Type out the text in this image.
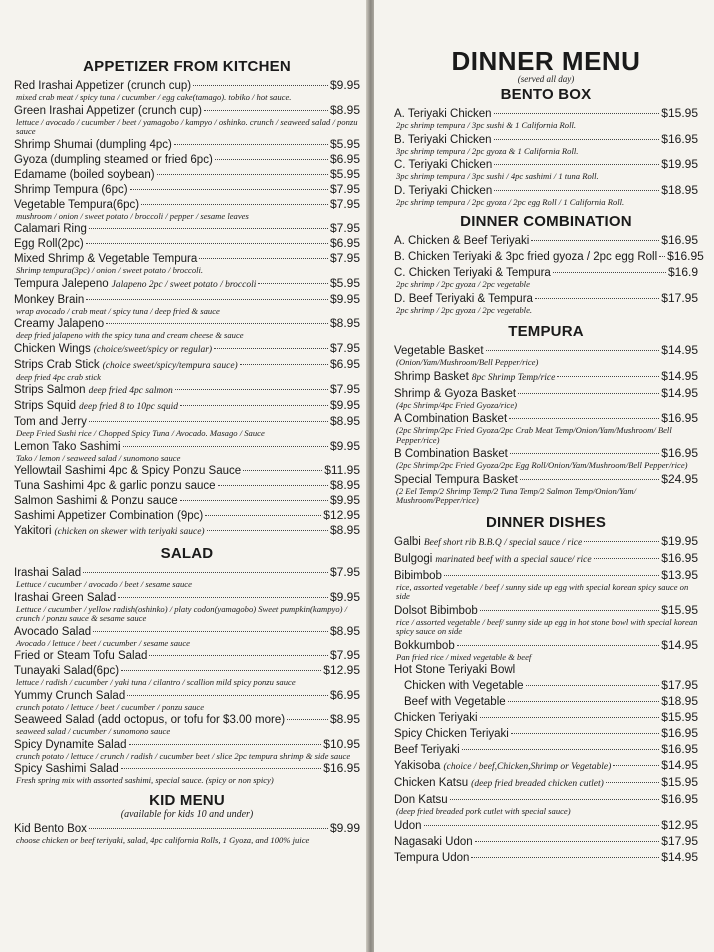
APPETIZER FROM KITCHEN
Red Irashai Appetizer (crunch cup)	$9.95
mixed crab meat / spicy tuna / cucumber / egg cake(tamago). tobiko / hot sauce.
Green Irashai Appetizer (crunch cup)	$8.95
lettuce / avocado / cucumber / beet / yamagobo / kampyo / oshinko. crunch / seaweed salad / ponzu sauce
Shrimp Shumai (dumpling 4pc)	$5.95
Gyoza (dumpling steamed or fried 6pc)	$6.95
Edamame (boiled soybean)	$5.95
Shrimp Tempura (6pc)	$7.95
Vegetable Tempura(6pc)	$7.95
mushroom / onion / sweet potato / broccoli / pepper / sesame leaves
Calamari Ring	$7.95
Egg Roll(2pc)	$6.95
Mixed Shrimp & Vegetable Tempura	$7.95
Shrimp tempura(3pc) / onion / sweet potato / broccoli.
Tempura Jalepeno Jalapeno 2pc / sweet potato / broccoli	$5.95
Monkey Brain	$9.95
wrap avocado / crab meat / spicy tuna / deep fried & sauce
Creamy Jalapeno	$8.95
deep fried jalapeno with the spicy tuna and cream cheese & sauce
Chicken Wings (choice/sweet/spicy or regular)	$7.95
Strips Crab Stick (choice sweet/spicy/tempura sauce)	$6.95
deep fried 4pc crab stick
Strips Salmon deep fried 4pc salmon	$7.95
Strips Squid deep fried 8 to 10pc squid	$9.95
Tom and Jerry	$8.95
Deep Fried Sushi rice / Chopped Spicy Tuna / Avocado. Masago / Sauce
Lemon Tako Sashimi	$9.95
Tako / lemon / seaweed salad / sunomono sauce
Yellowtail Sashimi 4pc & Spicy Ponzu Sauce	$11.95
Tuna Sashimi 4pc & garlic ponzu sauce	$8.95
Salmon Sashimi & Ponzu sauce	$9.95
Sashimi Appetizer Combination (9pc)	$12.95
Yakitori (chicken on skewer with teriyaki sauce)	$8.95
SALAD
Irashai Salad	$7.95
Lettuce / cucumber / avocado / beet / sesame sauce
Irashai Green Salad	$9.95
Lettuce / cucumber / yellow radish(oshinko) / platy codon(yamagobo) Sweet pumpkin(kampyo) / crunch / ponzu sauce & sesame sauce
Avocado Salad	$8.95
Avocado / lettuce / beet / cucumber / sesame sauce
Fried or Steam Tofu Salad	$7.95
Tunayaki Salad(6pc)	$12.95
lettuce / radish / cucumber / yaki tuna / cilantro / scallion mild spicy ponzu sauce
Yummy Crunch Salad	$6.95
crunch potato / lettuce / beet / cucumber / ponzu sauce
Seaweed Salad (add octopus, or tofu for $3.00 more)	$8.95
seaweed salad / cucumber / sunomono sauce
Spicy Dynamite Salad	$10.95
crunch potato / lettuce / crunch / radish / cucumber beet / slice 2pc tempura shrimp & side sauce
Spicy Sashimi Salad	$16.95
Fresh spring mix with assorted sashimi, special sauce. (spicy or non spicy)
KID MENU
(available for kids 10 and under)
Kid Bento Box	$9.99
choose chicken or beef teriyaki, salad, 4pc california Rolls, 1 Gyoza, and 100% juice
DINNER MENU
(served all day)
BENTO BOX
A. Teriyaki Chicken	$15.95
2pc shrimp tempura / 3pc sushi & 1 California Roll.
B. Teriyaki Chicken	$16.95
3pc shrimp tempura / 2pc gyoza & 1 California Roll.
C. Teriyaki Chicken	$19.95
3pc shrimp tempura / 3pc sushi / 4pc sashimi / 1 tuna Roll.
D. Teriyaki Chicken	$18.95
2pc shrimp tempura / 2pc gyoza / 2pc egg Roll / 1 California Roll.
DINNER COMBINATION
A. Chicken & Beef Teriyaki	$16.95
B. Chicken Teriyaki & 3pc fried gyoza / 2pc egg Roll $16.95
C. Chicken Teriyaki & Tempura	$16.9
2pc shrimp / 2pc gyoza / 2pc vegetable
D. Beef Teriyaki & Tempura	$17.95
2pc shrimp / 2pc gyoza / 2pc vegetable.
TEMPURA
Vegetable Basket	$14.95
(Onion/Yam/Mushroom/Bell Pepper/rice)
Shrimp Basket 8pc Shrimp Temp/rice	$14.95
Shrimp & Gyoza Basket	$14.95
(4pc Shrimp/4pc Fried Gyoza/rice)
A Combination Basket	$16.95
(2pc Shrimp/2pc Fried Gyoza/2pc Crab Meat Temp/Onion/Yam/Mushroom/ Bell Pepper/rice)
B Combination Basket	$16.95
(2pc Shrimp/2pc Fried Gyoza/2pc Egg Roll/Onion/Yam/Mushroom/Bell Pepper/rice)
Special Tempura Basket	$24.95
(2 Eel Temp/2 Shrimp Temp/2 Tuna Temp/2 Salmon Temp/Onion/Yam/ Mushroom/Pepper/rice)
DINNER DISHES
Galbi Beef short rib B.B.Q / special sauce / rice	$19.95
Bulgogi marinated beef with a special sauce/ rice	$16.95
Bibimbob	$13.95
rice, assorted vegetable / beef / sunny side up egg with special korean spicy sauce on side
Dolsot Bibimbob	$15.95
rice / assorted vegetable / beef/ sunny side up egg in hot stone bowl with special korean spicy sauce on side
Bokkumbob	$14.95
Pan fried rice / mixed vegetable & beef
Hot Stone Teriyaki Bowl
Chicken with Vegetable	$17.95
Beef with Vegetable	$18.95
Chicken Teriyaki	$15.95
Spicy Chicken Teriyaki	$16.95
Beef Teriyaki	$16.95
Yakisoba (choice / beef,Chicken,Shrimp or Vegetable)	$14.95
Chicken Katsu (deep fried breaded chicken cutlet)	$15.95
Don Katsu	$16.95
(deep fried breaded pork cutlet with special sauce)
Udon	$12.95
Nagasaki Udon	$17.95
Tempura Udon	$14.95
